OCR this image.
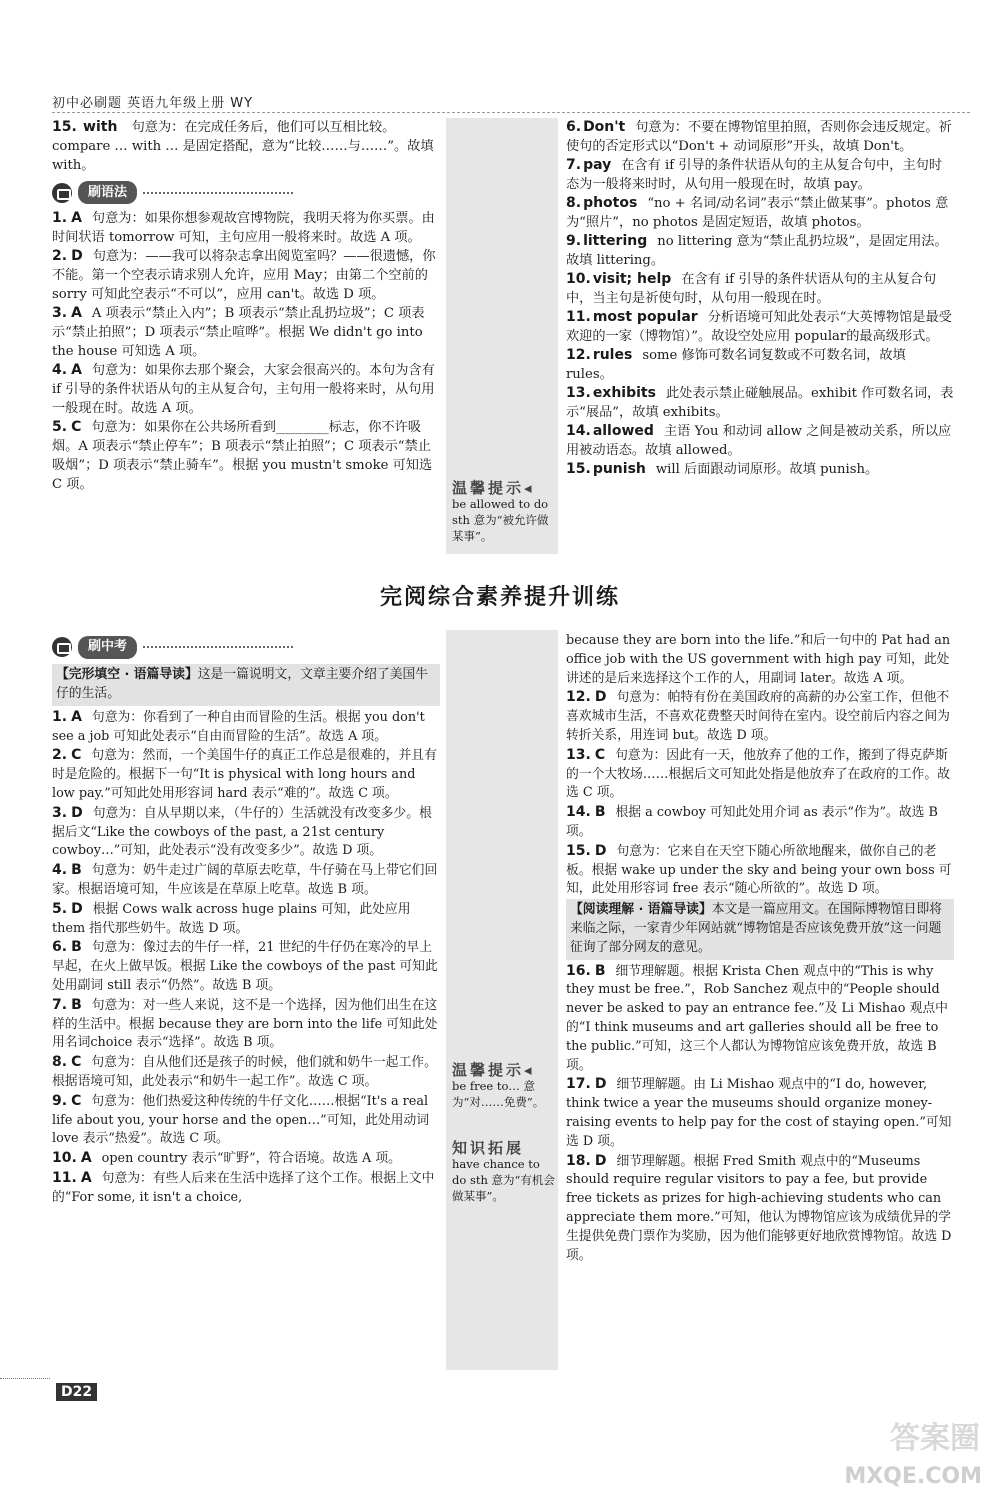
初中必刷题 英语九年级上册 WY
15. with 句意为：在完成任务后，他们可以互相比较。compare … with … 是固定搭配，意为“比较……与……”。故填 with。
刷语法
1. A 句意为：如果你想参观故宫博物院，我明天将为你买票。由时间状语 tomorrow 可知，主句应用一般将来时。故选 A 项。
2. D 句意为：——我可以将杂志拿出阅览室吗？——很遗憾，你不能。第一个空表示请求别人允许，应用 May；由第二个空前的 sorry 可知此空表示“不可以”，应用 can't。故选 D 项。
3. A A 项表示“禁止入内”；B 项表示“禁止乱扔垃圾”；C 项表示“禁止拍照”；D 项表示“禁止喧哗”。根据 We didn't go into the house 可知选 A 项。
4. A 句意为：如果你去那个聚会，大家会很高兴的。本句为含有if 引导的条件状语从句的主从复合句，主句用一般将来时，从句用一般现在时。故选 A 项。
5. C 句意为：如果你在公共场所看到________标志，你不许吸烟。A 项表示“禁止停车”；B 项表示“禁止拍照”；C 项表示“禁止吸烟”；D 项表示“禁止骑车”。根据 you mustn't smoke 可知选 C 项。	温馨提示◂
be allowed to do sth 意为“被允许做某事”。
6. Don't 句意为：不要在博物馆里拍照，否则你会违反规定。祈使句的否定形式以“Don't + 动词原形”开头，故填 Don't。
7. pay 在含有 if 引导的条件状语从句的主从复合句中，主句时态为一般将来时时，从句用一般现在时，故填 pay。
8. photos “no + 名词/动名词”表示“禁止做某事”。photos 意为“照片”，no photos 是固定短语，故填 photos。
9. littering no littering 意为“禁止乱扔垃圾”，是固定用法。故填 littering。
10. visit; help 在含有 if 引导的条件状语从句的主从复合句中，当主句是祈使句时，从句用一般现在时。
11. most popular 分析语境可知此处表示“大英博物馆是最受欢迎的一家（博物馆）”。故设空处应用 popular的最高级形式。
12. rules some 修饰可数名词复数或不可数名词，故填 rules。
13. exhibits 此处表示禁止碰触展品。exhibit 作可数名词，表示“展品”，故填 exhibits。
14. allowed 主语 You 和动词 allow 之间是被动关系，所以应用被动语态。故填 allowed。
15. punish will 后面跟动词原形。故填 punish。
完阅综合素养提升训练
刷中考
【完形填空 · 语篇导读】这是一篇说明文，文章主要介绍了美国牛仔的生活。
1. A 句意为：你看到了一种自由而冒险的生活。根据 you don't see a job 可知此处表示“自由而冒险的生活”。故选 A 项。
2. C 句意为：然而，一个美国牛仔的真正工作总是很难的，并且有时是危险的。根据下一句“It is physical with long hours and low pay.”可知此处用形容词 hard 表示“难的”。故选 C 项。
3. D 句意为：自从早期以来，（牛仔的）生活就没有改变多少。根据后文“Like the cowboys of the past, a 21st century cowboy…”可知，此处表示“没有改变多少”。故选 D 项。
4. B 句意为：奶牛走过广阔的草原去吃草，牛仔骑在马上带它们回家。根据语境可知，牛应该是在草原上吃草。故选 B 项。
5. D 根据 Cows walk across huge plains 可知，此处应用 them 指代那些奶牛。故选 D 项。
6. B 句意为：像过去的牛仔一样，21 世纪的牛仔仍在寒冷的早上早起，在火上做早饭。根据 Like the cowboys of the past 可知此处用副词 still 表示“仍然”。故选 B 项。
7. B 句意为：对一些人来说，这不是一个选择，因为他们出生在这样的生活中。根据 because they are born into the life 可知此处用名词choice 表示“选择”。故选 B 项。
8. C 句意为：自从他们还是孩子的时候，他们就和奶牛一起工作。根据语境可知，此处表示“和奶牛一起工作”。故选 C 项。
9. C 句意为：他们热爱这种传统的牛仔文化……根据“It's a real life about you, your horse and the open…”可知，此处用动词 love 表示“热爱”。故选 C 项。
10. A open country 表示“旷野”，符合语境。故选 A 项。
11. A 句意为：有些人后来在生活中选择了这个工作。根据上文中的“For some, it isn't a choice,
温馨提示◂
be free to… 意为“对……免费”。
知识拓展
have chance to do sth 意为“有机会做某事”。
because they are born into the life.”和后一句中的 Pat had an office job with the US government with high pay 可知，此处讲述的是后来选择这个工作的人，用副词 later。故选 A 项。
12. D 句意为：帕特有份在美国政府的高薪的办公室工作，但他不喜欢城市生活，不喜欢花费整天时间待在室内。设空前后内容之间为转折关系，用连词 but。故选 D 项。
13. C 句意为：因此有一天，他放弃了他的工作，搬到了得克萨斯的一个大牧场……根据后文可知此处指是他放弃了在政府的工作。故选 C 项。
14. B 根据 a cowboy 可知此处用介词 as 表示“作为”。故选 B 项。
15. D 句意为：它来自在天空下随心所欲地醒来，做你自己的老板。根据 wake up under the sky and being your own boss 可知，此处用形容词 free 表示“随心所欲的”。故选 D 项。
【阅读理解 · 语篇导读】本文是一篇应用文。在国际博物馆日即将来临之际，一家青少年网站就“博物馆是否应该免费开放”这一问题征询了部分网友的意见。
16. B 细节理解题。根据 Krista Chen 观点中的“This is why they must be free.”，Rob Sanchez 观点中的“People should never be asked to pay an entrance fee.”及 Li Mishao 观点中的“I think museums and art galleries should all be free to the public.”可知，这三个人都认为博物馆应该免费开放，故选 B 项。
17. D 细节理解题。由 Li Mishao 观点中的“I do, however, think twice a year the museums should organize money-raising events to help pay for the cost of staying open.”可知选 D 项。
18. D 细节理解题。根据 Fred Smith 观点中的“Museums should require regular visitors to pay a fee, but provide free tickets as prizes for high-achieving students who can appreciate them more.”可知，他认为博物馆应该为成绩优异的学生提供免费门票作为奖励，因为他们能够更好地欣赏博物馆。故选 D 项。
D22
答案圈
MXQE.COM
